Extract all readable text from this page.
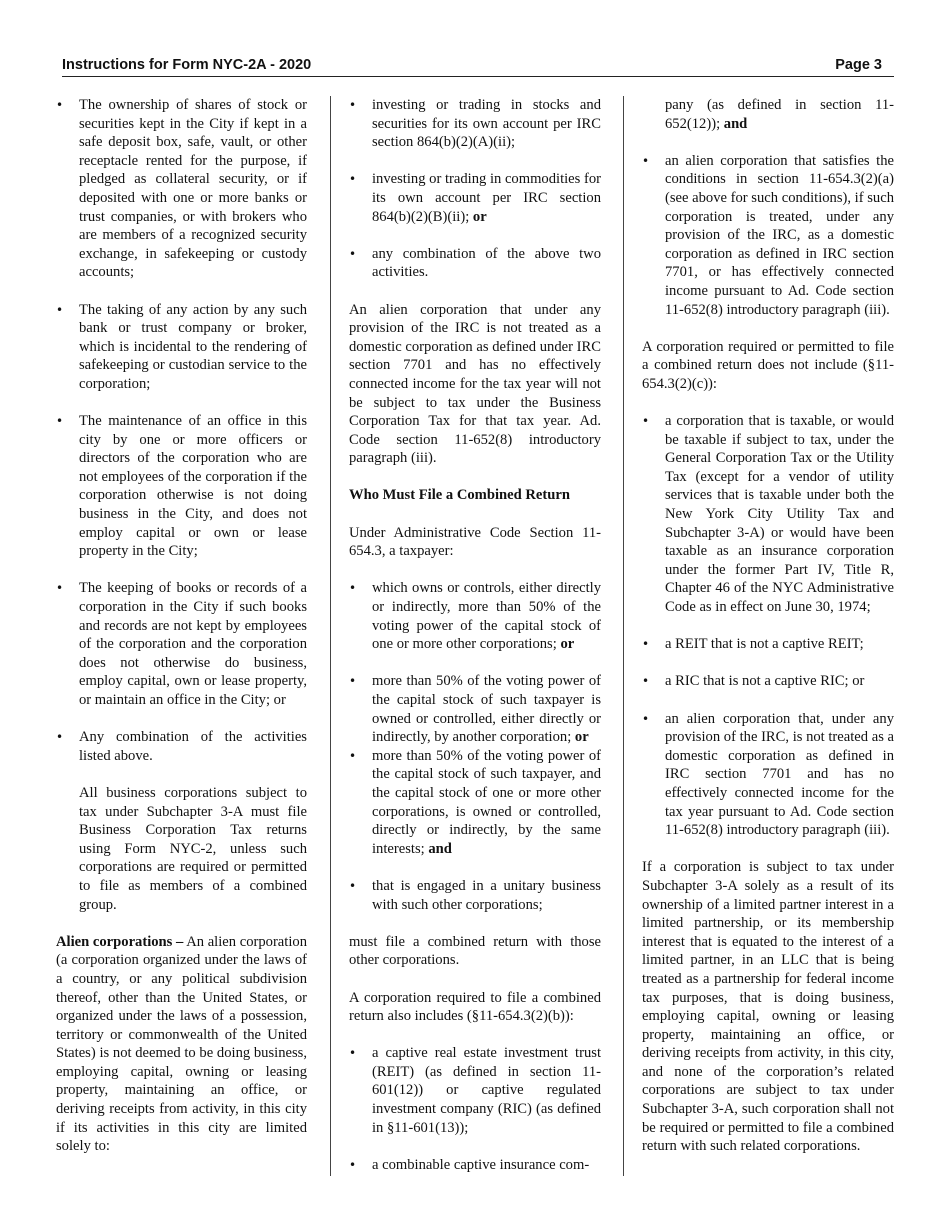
Instructions for Form NYC-2A - 2020	Page 3
• The ownership of shares of stock or securities kept in the City if kept in a safe deposit box, safe, vault, or other receptacle rented for the purpose, if pledged as collateral security, or if deposited with one or more banks or trust companies, or with brokers who are members of a recognized security exchange, in safekeeping or custody accounts;
• The taking of any action by any such bank or trust company or broker, which is incidental to the rendering of safekeeping or custodian service to the corporation;
• The maintenance of an office in this city by one or more officers or directors of the corporation who are not employees of the corporation if the corporation otherwise is not doing business in the City, and does not employ capital or own or lease property in the City;
• The keeping of books or records of a corporation in the City if such books and records are not kept by employees of the corporation and the corporation does not otherwise do business, employ capital, own or lease property, or maintain an office in the City; or
• Any combination of the activities listed above.

All business corporations subject to tax under Subchapter 3-A must file Business Corporation Tax returns using Form NYC-2, unless such corporations are required or permitted to file as members of a combined group.

Alien corporations – An alien corporation (a corporation organized under the laws of a country, or any political subdivision thereof, other than the United States, or organized under the laws of a possession, territory or commonwealth of the United States) is not deemed to be doing business, employing capital, owning or leasing property, maintaining an office, or deriving receipts from activity, in this city if its activities in this city are limited solely to:

• investing or trading in stocks and securities for its own account per IRC section 864(b)(2)(A)(ii);
• investing or trading in commodities for its own account per IRC section 864(b)(2)(B)(ii); or
• any combination of the above two activities.

An alien corporation that under any provision of the IRC is not treated as a domestic corporation as defined under IRC section 7701 and has no effectively connected income for the tax year will not be subject to tax under the Business Corporation Tax for that tax year. Ad. Code section 11-652(8) introductory paragraph (iii).

Who Must File a Combined Return

Under Administrative Code Section 11-654.3, a taxpayer:

• which owns or controls, either directly or indirectly, more than 50% of the voting power of the capital stock of one or more other corporations; or
• more than 50% of the voting power of the capital stock of such taxpayer is owned or controlled, either directly or indirectly, by another corporation; or
• more than 50% of the voting power of the capital stock of such taxpayer, and the capital stock of one or more other corporations, is owned or controlled, directly or indirectly, by the same interests; and
• that is engaged in a unitary business with such other corporations;

must file a combined return with those other corporations.

A corporation required to file a combined return also includes (§11-654.3(2)(b)):

• a captive real estate investment trust (REIT) (as defined in section 11-601(12)) or captive regulated investment company (RIC) (as defined in §11-601(13));
• a combinable captive insurance com-
pany (as defined in section 11-652(12)); and
• an alien corporation that satisfies the conditions in section 11-654.3(2)(a) (see above for such conditions), if such corporation is treated, under any provision of the IRC, as a domestic corporation as defined in IRC section 7701, or has effectively connected income pursuant to Ad. Code section 11-652(8) introductory paragraph (iii).

A corporation required or permitted to file a combined return does not include (§11-654.3(2)(c)):

• a corporation that is taxable, or would be taxable if subject to tax, under the General Corporation Tax or the Utility Tax (except for a vendor of utility services that is taxable under both the New York City Utility Tax and Subchapter 3-A) or would have been taxable as an insurance corporation under the former Part IV, Title R, Chapter 46 of the NYC Administrative Code as in effect on June 30, 1974;
• a REIT that is not a captive REIT;
• a RIC that is not a captive RIC; or
• an alien corporation that, under any provision of the IRC, is not treated as a domestic corporation as defined in IRC section 7701 and has no effectively connected income for the tax year pursuant to Ad. Code section 11-652(8) introductory paragraph (iii).

If a corporation is subject to tax under Subchapter 3-A solely as a result of its ownership of a limited partner interest in a limited partnership, or its membership interest that is equated to the interest of a limited partner, in an LLC that is being treated as a partnership for federal income tax purposes, that is doing business, employing capital, owning or leasing property, maintaining an office, or deriving receipts from activity, in this city, and none of the corporation’s related corporations are subject to tax under Subchapter 3-A, such corporation shall not be required or permitted to file a combined return with such related corporations.
